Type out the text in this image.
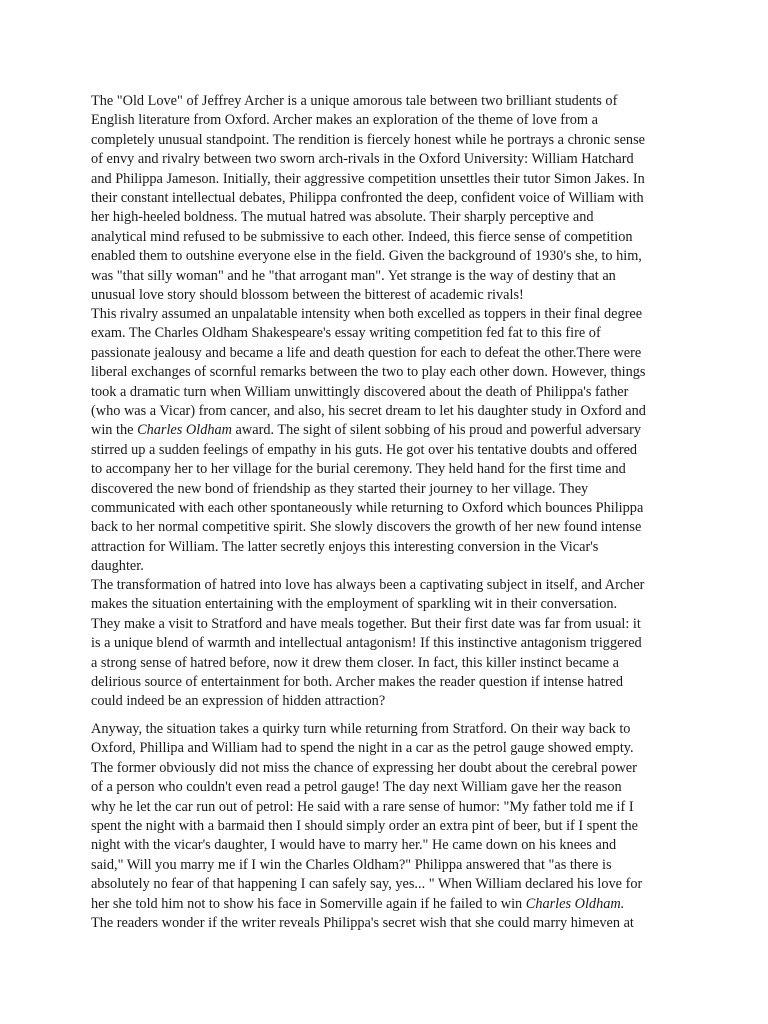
The "Old Love" of Jeffrey Archer is a unique amorous tale between two brilliant students of
English literature from Oxford. Archer makes an exploration of the theme of love from a
completely unusual standpoint. The rendition is fiercely honest while he portrays a chronic sense
of envy and rivalry between two sworn arch-rivals in the Oxford University: William Hatchard
and Philippa Jameson. Initially, their aggressive competition unsettles their tutor Simon Jakes. In
their constant intellectual debates, Philippa confronted the deep, confident voice of William with
her high-heeled boldness. The mutual hatred was absolute. Their sharply perceptive and
analytical mind refused to be submissive to each other. Indeed, this fierce sense of competition
enabled them to outshine everyone else in the field. Given the background of 1930's she, to him,
was "that silly woman" and he "that arrogant man". Yet strange is the way of destiny that an
unusual love story should blossom between the bitterest of academic rivals!
This rivalry assumed an unpalatable intensity when both excelled as toppers in their final degree
exam. The Charles Oldham Shakespeare's essay writing competition fed fat to this fire of
passionate jealousy and became a life and death question for each to defeat the other.There were
liberal exchanges of scornful remarks between the two to play each other down. However, things
took a dramatic turn when William unwittingly discovered about the death of Philippa's father
(who was a Vicar) from cancer, and also, his secret dream to let his daughter study in Oxford and
win the Charles Oldham award. The sight of silent sobbing of his proud and powerful adversary
stirred up a sudden feelings of empathy in his guts. He got over his tentative doubts and offered
to accompany her to her village for the burial ceremony. They held hand for the first time and
discovered the new bond of friendship as they started their journey to her village. They
communicated with each other spontaneously while returning to Oxford which bounces Philippa
back to her normal competitive spirit. She slowly discovers the growth of her new found intense
attraction for William. The latter secretly enjoys this interesting conversion in the Vicar's
daughter.
The transformation of hatred into love has always been a captivating subject in itself, and Archer
makes the situation entertaining with the employment of sparkling wit in their conversation.
They make a visit to Stratford and have meals together. But their first date was far from usual: it
is a unique blend of warmth and intellectual antagonism! If this instinctive antagonism triggered
a strong sense of hatred before, now it drew them closer. In fact, this killer instinct became a
delirious source of entertainment for both. Archer makes the reader question if intense hatred
could indeed be an expression of hidden attraction?
Anyway, the situation takes a quirky turn while returning from Stratford. On their way back to
Oxford, Phillipa and William had to spend the night in a car as the petrol gauge showed empty.
The former obviously did not miss the chance of expressing her doubt about the cerebral power
of a person who couldn't even read a petrol gauge! The day next William gave her the reason
why he let the car run out of petrol: He said with a rare sense of humor: "My father told me if I
spent the night with a barmaid then I should simply order an extra pint of beer, but if I spent the
night with the vicar's daughter, I would have to marry her." He came down on his knees and
said," Will you marry me if I win the Charles Oldham?" Philippa answered that "as there is
absolutely no fear of that happening I can safely say, yes... " When William declared his love for
her she told him not to show his face in Somerville again if he failed to win Charles Oldham.
The readers wonder if the writer reveals Philippa's secret wish that she could marry himeven at
